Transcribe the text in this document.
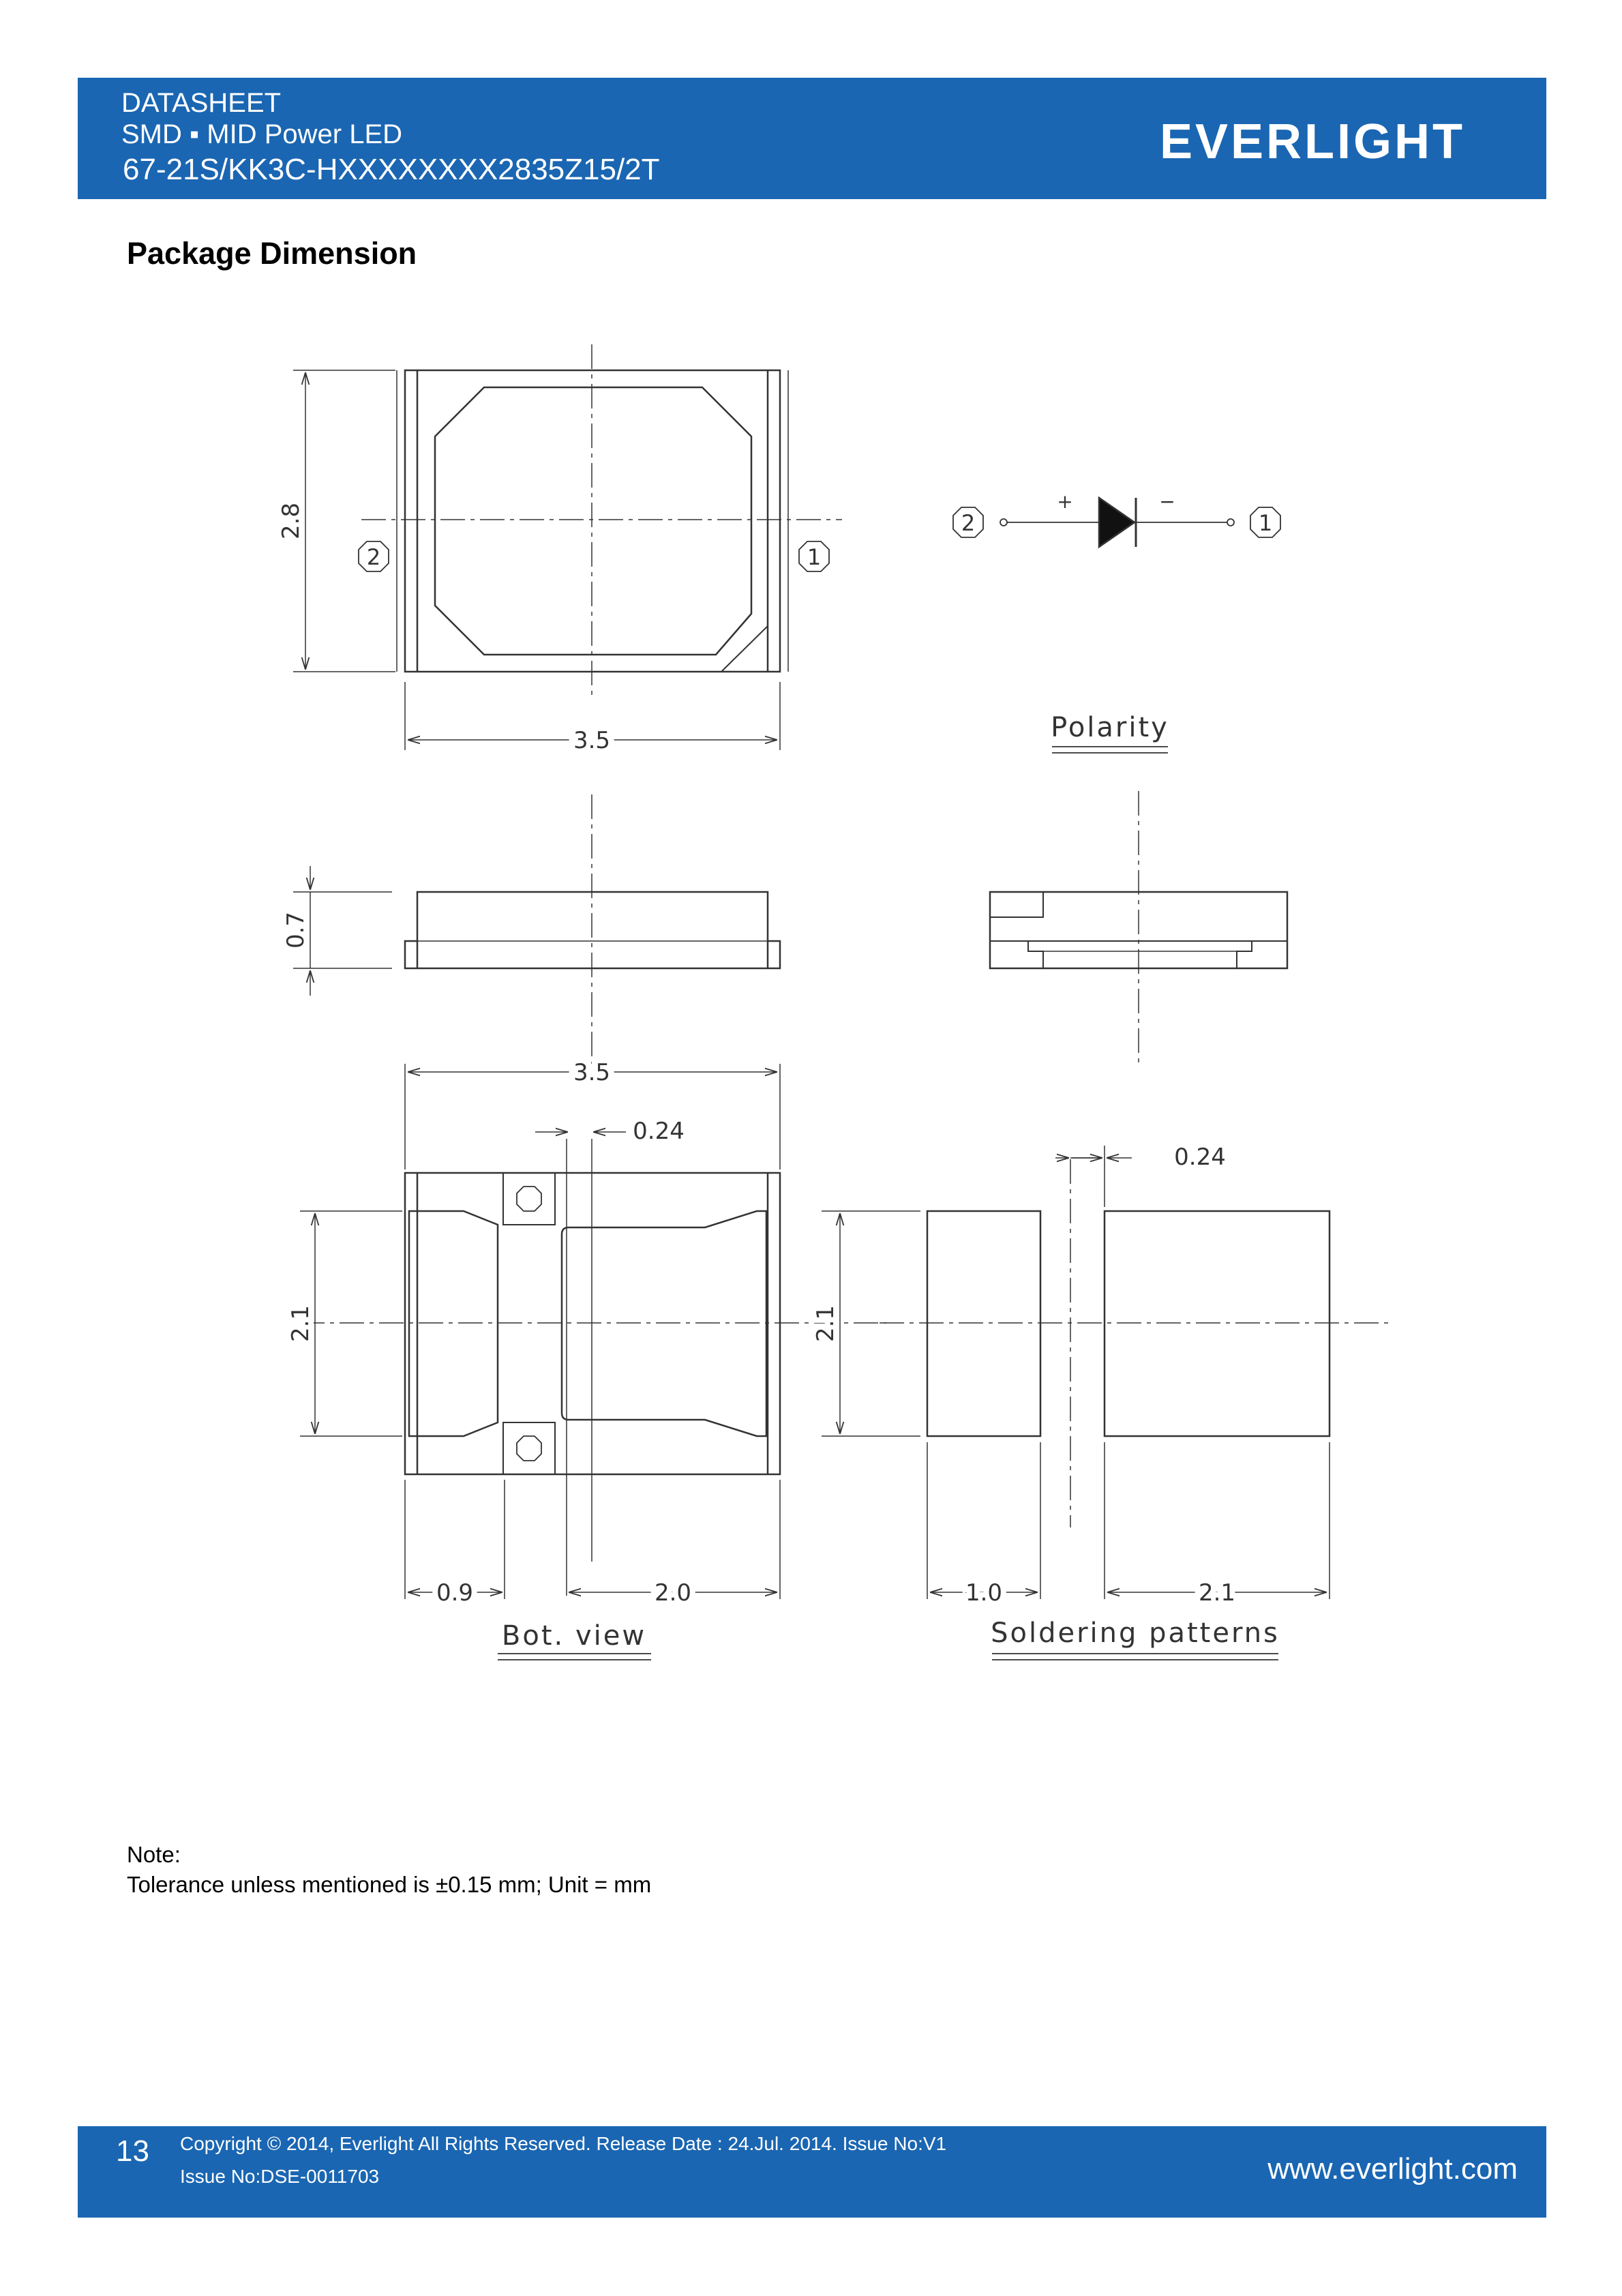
DATASHEET
SMD ▪ MID Power LED
67-21S/KK3C-HXXXXXXXX2835Z15/2T
EVERLIGHT
Package Dimension
2.8
3.5
2	1
2	1
+	−
Polarity
0.7
3.5
0.24
2.1
0.9	2.0
Bot. view
0.24
2.1
1.0	2.1
Soldering patterns
Note:
Tolerance unless mentioned is ±0.15 mm; Unit = mm
13 Copyright © 2014, Everlight All Rights Reserved. Release Date : 24.Jul. 2014. Issue No:V1
Issue No:DSE-0011703	www.everlight.com
